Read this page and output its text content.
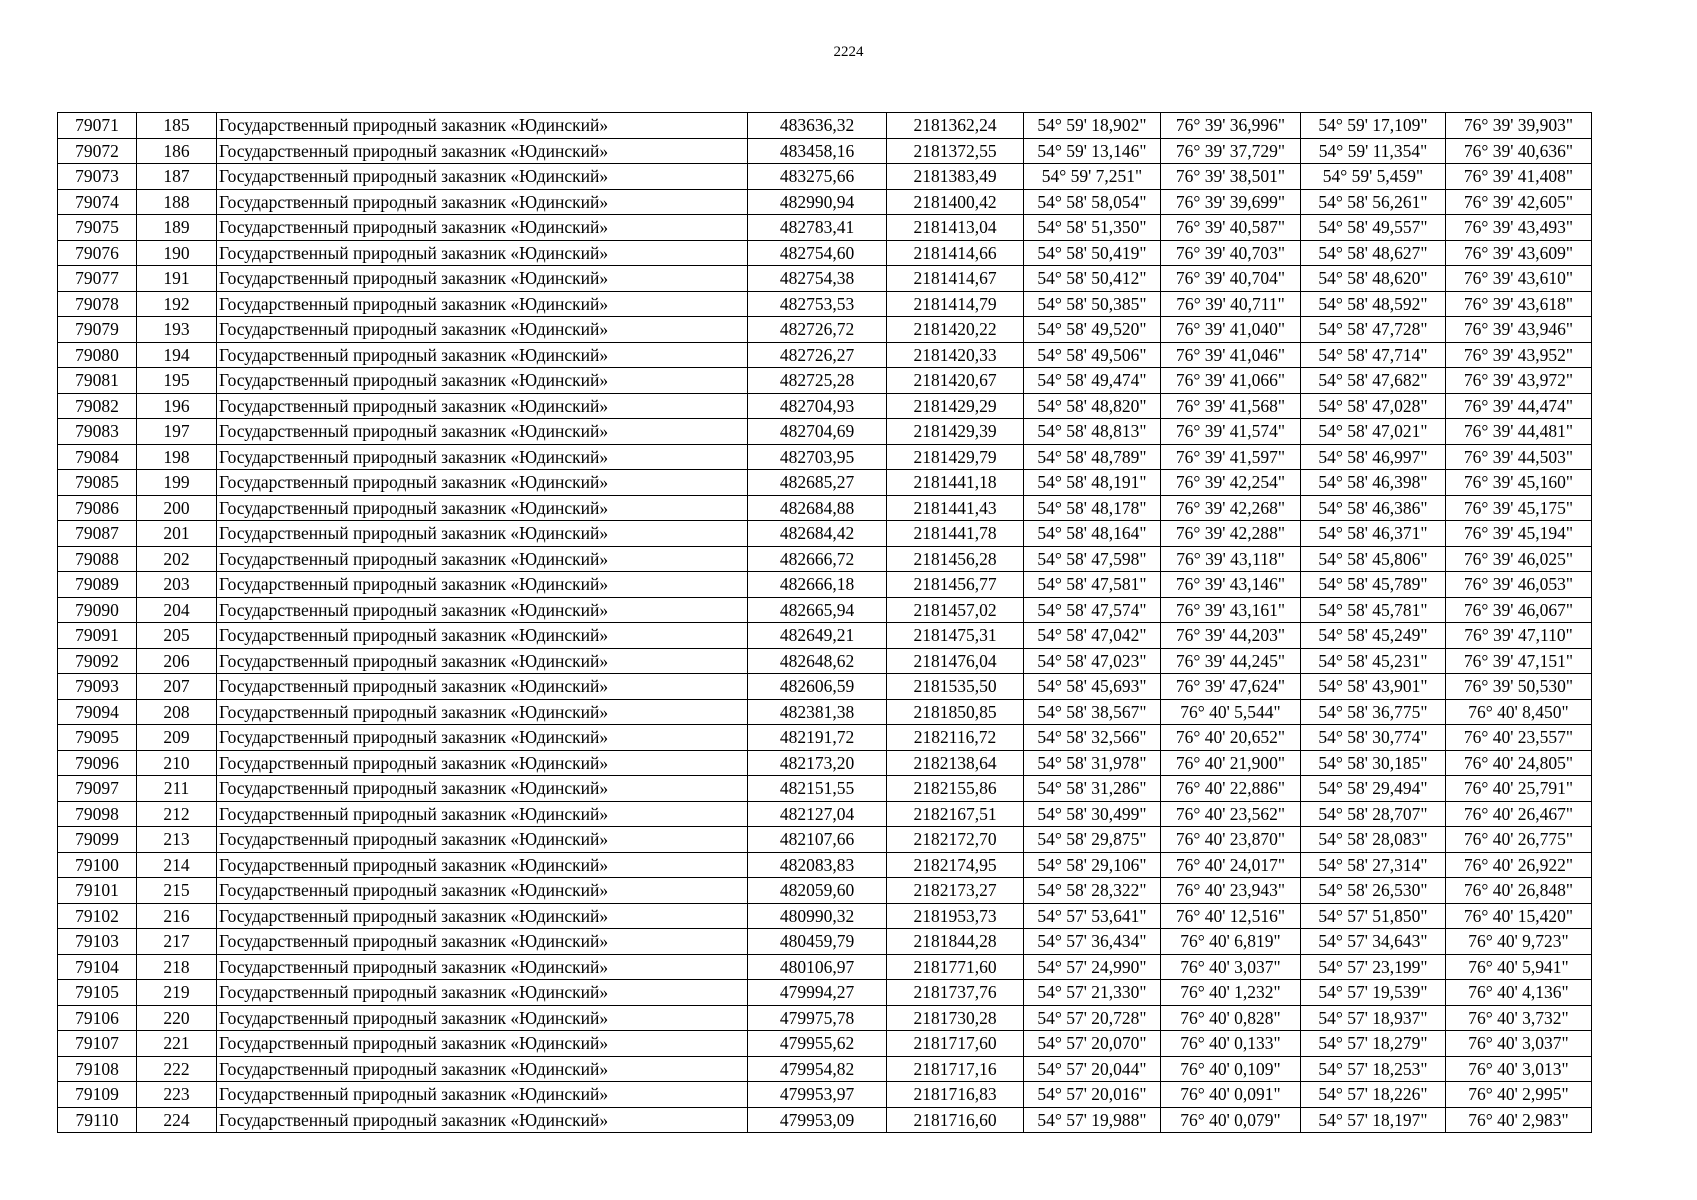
2224
79071	185	Государственный природный заказник «Юдинский»	483636,32	2181362,24	54° 59' 18,902"	76° 39' 36,996"	54° 59' 17,109"	76° 39' 39,903"
79072	186	Государственный природный заказник «Юдинский»	483458,16	2181372,55	54° 59' 13,146"	76° 39' 37,729"	54° 59' 11,354"	76° 39' 40,636"
79073	187	Государственный природный заказник «Юдинский»	483275,66	2181383,49	54° 59' 7,251"	76° 39' 38,501"	54° 59' 5,459"	76° 39' 41,408"
79074	188	Государственный природный заказник «Юдинский»	482990,94	2181400,42	54° 58' 58,054"	76° 39' 39,699"	54° 58' 56,261"	76° 39' 42,605"
79075	189	Государственный природный заказник «Юдинский»	482783,41	2181413,04	54° 58' 51,350"	76° 39' 40,587"	54° 58' 49,557"	76° 39' 43,493"
79076	190	Государственный природный заказник «Юдинский»	482754,60	2181414,66	54° 58' 50,419"	76° 39' 40,703"	54° 58' 48,627"	76° 39' 43,609"
79077	191	Государственный природный заказник «Юдинский»	482754,38	2181414,67	54° 58' 50,412"	76° 39' 40,704"	54° 58' 48,620"	76° 39' 43,610"
79078	192	Государственный природный заказник «Юдинский»	482753,53	2181414,79	54° 58' 50,385"	76° 39' 40,711"	54° 58' 48,592"	76° 39' 43,618"
79079	193	Государственный природный заказник «Юдинский»	482726,72	2181420,22	54° 58' 49,520"	76° 39' 41,040"	54° 58' 47,728"	76° 39' 43,946"
79080	194	Государственный природный заказник «Юдинский»	482726,27	2181420,33	54° 58' 49,506"	76° 39' 41,046"	54° 58' 47,714"	76° 39' 43,952"
79081	195	Государственный природный заказник «Юдинский»	482725,28	2181420,67	54° 58' 49,474"	76° 39' 41,066"	54° 58' 47,682"	76° 39' 43,972"
79082	196	Государственный природный заказник «Юдинский»	482704,93	2181429,29	54° 58' 48,820"	76° 39' 41,568"	54° 58' 47,028"	76° 39' 44,474"
79083	197	Государственный природный заказник «Юдинский»	482704,69	2181429,39	54° 58' 48,813"	76° 39' 41,574"	54° 58' 47,021"	76° 39' 44,481"
79084	198	Государственный природный заказник «Юдинский»	482703,95	2181429,79	54° 58' 48,789"	76° 39' 41,597"	54° 58' 46,997"	76° 39' 44,503"
79085	199	Государственный природный заказник «Юдинский»	482685,27	2181441,18	54° 58' 48,191"	76° 39' 42,254"	54° 58' 46,398"	76° 39' 45,160"
79086	200	Государственный природный заказник «Юдинский»	482684,88	2181441,43	54° 58' 48,178"	76° 39' 42,268"	54° 58' 46,386"	76° 39' 45,175"
79087	201	Государственный природный заказник «Юдинский»	482684,42	2181441,78	54° 58' 48,164"	76° 39' 42,288"	54° 58' 46,371"	76° 39' 45,194"
79088	202	Государственный природный заказник «Юдинский»	482666,72	2181456,28	54° 58' 47,598"	76° 39' 43,118"	54° 58' 45,806"	76° 39' 46,025"
79089	203	Государственный природный заказник «Юдинский»	482666,18	2181456,77	54° 58' 47,581"	76° 39' 43,146"	54° 58' 45,789"	76° 39' 46,053"
79090	204	Государственный природный заказник «Юдинский»	482665,94	2181457,02	54° 58' 47,574"	76° 39' 43,161"	54° 58' 45,781"	76° 39' 46,067"
79091	205	Государственный природный заказник «Юдинский»	482649,21	2181475,31	54° 58' 47,042"	76° 39' 44,203"	54° 58' 45,249"	76° 39' 47,110"
79092	206	Государственный природный заказник «Юдинский»	482648,62	2181476,04	54° 58' 47,023"	76° 39' 44,245"	54° 58' 45,231"	76° 39' 47,151"
79093	207	Государственный природный заказник «Юдинский»	482606,59	2181535,50	54° 58' 45,693"	76° 39' 47,624"	54° 58' 43,901"	76° 39' 50,530"
79094	208	Государственный природный заказник «Юдинский»	482381,38	2181850,85	54° 58' 38,567"	76° 40' 5,544"	54° 58' 36,775"	76° 40' 8,450"
79095	209	Государственный природный заказник «Юдинский»	482191,72	2182116,72	54° 58' 32,566"	76° 40' 20,652"	54° 58' 30,774"	76° 40' 23,557"
79096	210	Государственный природный заказник «Юдинский»	482173,20	2182138,64	54° 58' 31,978"	76° 40' 21,900"	54° 58' 30,185"	76° 40' 24,805"
79097	211	Государственный природный заказник «Юдинский»	482151,55	2182155,86	54° 58' 31,286"	76° 40' 22,886"	54° 58' 29,494"	76° 40' 25,791"
79098	212	Государственный природный заказник «Юдинский»	482127,04	2182167,51	54° 58' 30,499"	76° 40' 23,562"	54° 58' 28,707"	76° 40' 26,467"
79099	213	Государственный природный заказник «Юдинский»	482107,66	2182172,70	54° 58' 29,875"	76° 40' 23,870"	54° 58' 28,083"	76° 40' 26,775"
79100	214	Государственный природный заказник «Юдинский»	482083,83	2182174,95	54° 58' 29,106"	76° 40' 24,017"	54° 58' 27,314"	76° 40' 26,922"
79101	215	Государственный природный заказник «Юдинский»	482059,60	2182173,27	54° 58' 28,322"	76° 40' 23,943"	54° 58' 26,530"	76° 40' 26,848"
79102	216	Государственный природный заказник «Юдинский»	480990,32	2181953,73	54° 57' 53,641"	76° 40' 12,516"	54° 57' 51,850"	76° 40' 15,420"
79103	217	Государственный природный заказник «Юдинский»	480459,79	2181844,28	54° 57' 36,434"	76° 40' 6,819"	54° 57' 34,643"	76° 40' 9,723"
79104	218	Государственный природный заказник «Юдинский»	480106,97	2181771,60	54° 57' 24,990"	76° 40' 3,037"	54° 57' 23,199"	76° 40' 5,941"
79105	219	Государственный природный заказник «Юдинский»	479994,27	2181737,76	54° 57' 21,330"	76° 40' 1,232"	54° 57' 19,539"	76° 40' 4,136"
79106	220	Государственный природный заказник «Юдинский»	479975,78	2181730,28	54° 57' 20,728"	76° 40' 0,828"	54° 57' 18,937"	76° 40' 3,732"
79107	221	Государственный природный заказник «Юдинский»	479955,62	2181717,60	54° 57' 20,070"	76° 40' 0,133"	54° 57' 18,279"	76° 40' 3,037"
79108	222	Государственный природный заказник «Юдинский»	479954,82	2181717,16	54° 57' 20,044"	76° 40' 0,109"	54° 57' 18,253"	76° 40' 3,013"
79109	223	Государственный природный заказник «Юдинский»	479953,97	2181716,83	54° 57' 20,016"	76° 40' 0,091"	54° 57' 18,226"	76° 40' 2,995"
79110	224	Государственный природный заказник «Юдинский»	479953,09	2181716,60	54° 57' 19,988"	76° 40' 0,079"	54° 57' 18,197"	76° 40' 2,983"
